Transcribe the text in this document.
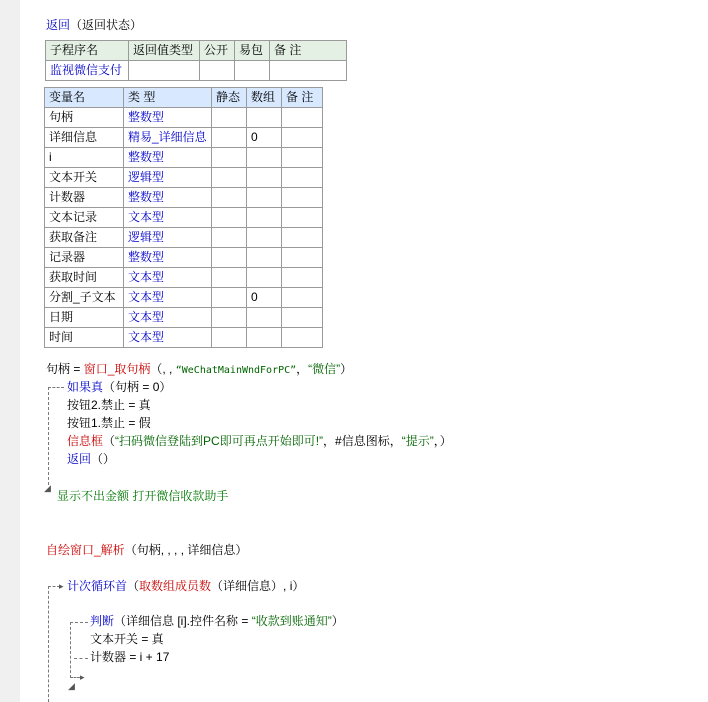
返回（返回状态）
子程序名	返回值类型	公开	易包	备 注
监视微信支付				
变量名	类 型	静态	数组	备 注
句柄	整数型			
详细信息	精易_详细信息		0	
i	整数型			
文本开关	逻辑型			
计数器	整数型			
文本记录	文本型			
获取备注	逻辑型			
记录器	整数型			
获取时间	文本型			
分割_子文本	文本型		0	
日期	文本型			
时间	文本型			
句柄 = 窗口_取句柄（, , “WeChatMainWndForPC”，“微信”）
◢
如果真（句柄 = 0）
按钮2.禁止 = 真
按钮1.禁止 = 假
信息框（“扫码微信登陆到PC即可再点开始即可!”，#信息图标，“提示”，）
返回（）
显示不出金额 打开微信收款助手
自绘窗口_解析（句柄, , , , 详细信息）
▸ 计次循环首（取数组成员数（详细信息）, i）
▸
◢
判断（详细信息 [i].控件名称 = “收款到账通知”）
文本开关 = 真
计数器 = i + 17
